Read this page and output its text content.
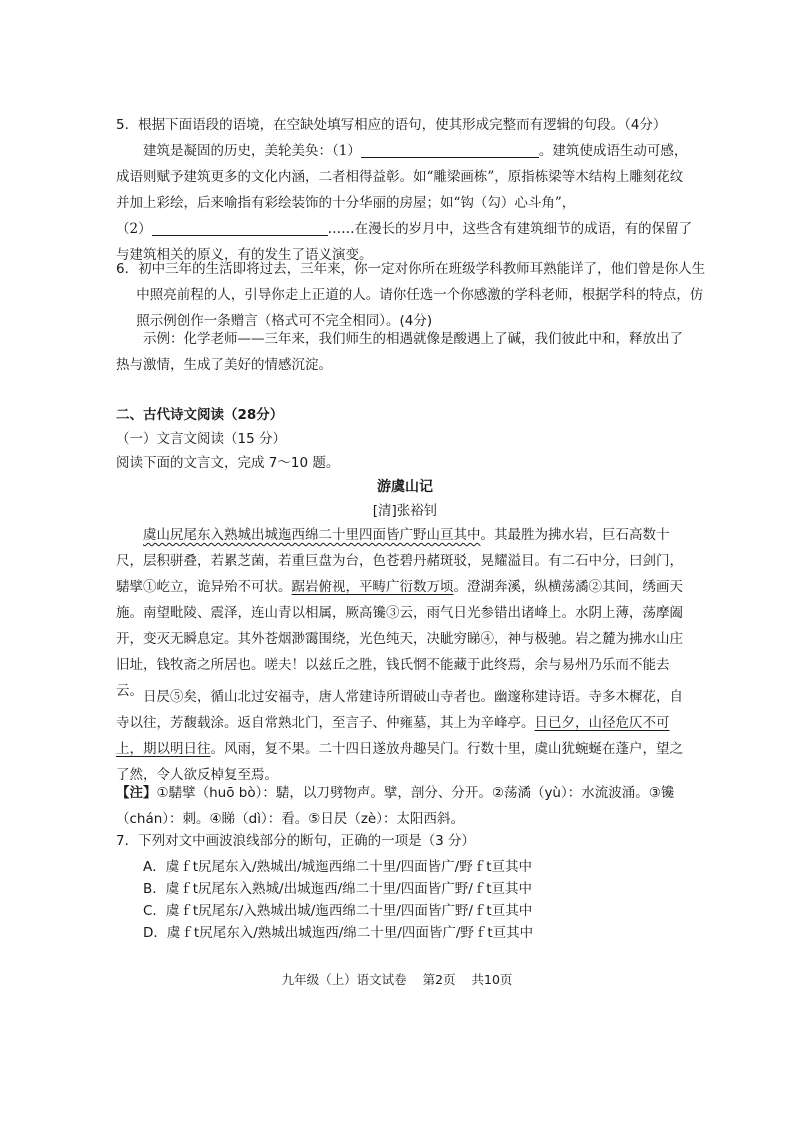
5．根据下面语段的语境，在空缺处填写相应的语句，使其形成完整而有逻辑的句段。（4分）
建筑是凝固的历史，美轮美奂：（1）	。建筑使成语生动可感，成语则赋予建筑更多的文化内涵，二者相得益彰。如“雕梁画栋”，原指栋梁等木结构上雕刻花纹并加上彩绘，后来喻指有彩绘装饰的十分华丽的房屋；如“钩（勾）心斗角”，
（2）	……在漫长的岁月中，这些含有建筑细节的成语，有的保留了与建筑相关的原义，有的发生了语义演变。
6．初中三年的生活即将过去，三年来，你一定对你所在班级学科教师耳熟能详了，他们曾是你人生中照亮前程的人，引导你走上正道的人。请你任选一个你感激的学科老师，根据学科的特点，仿照示例创作一条赠言（格式可不完全相同）。(4分)
示例：化学老师——三年来，我们师生的相遇就像是酸遇上了碱，我们彼此中和，释放出了热与激情，生成了美好的情感沉淀。
二、古代诗文阅读（28分）
（一）文言文阅读（15 分）
阅读下面的文言文，完成 7～10 题。
游虞山记
[清]张裕钊
虞山尻尾东入熟城出城迤西绵二十里四面皆广野山亘其中。其最胜为拂水岩，巨石高数十尺，层积骈叠，若累芝菌，若重巨盘为台，色苍碧丹赭斑驳，晃耀溢目。有二石中分，曰剑门，騞擘①屹立，诡异殆不可状。踞岩俯视，平畴广衍数万顷。澄湖奔溪，纵横荡潏②其间，绣画天施。南望毗陵、震泽，连山青以相属，厥高镵③云，雨气日光参错出诸峰上。水阴上薄，荡摩阖开，变灭无瞬息定。其外苍烟渺霭围绕，光色纯天，决眦穷睇④，神与极驰。岩之麓为拂水山庄旧址，钱牧斋之所居也。嗟夫！以兹丘之胜，钱氏惘不能藏于此终焉，余与易州乃乐而不能去云。 日昃⑤矣，循山北过安福寺，唐人常建诗所谓破山寺者也。幽邃称建诗语。寺多木樨花，自寺以往，芳馥载涂。返自常熟北门，至言子、仲雍墓，其上为辛峰亭。日已夕，山径危仄不可上，期以明日往。风雨，复不果。二十四日遂放舟趣吴门。行数十里，虞山犹蜿蜒在蓬户，望之了然，令人欲反棹复至焉。
【注】①騞擘（huō bò）：騞，以刀劈物声。擘，剖分、分开。②荡潏（yù）：水流波涌。③镵（chán）：刺。④睇（dì）：看。⑤日昃（zè）：太阳西斜。
7．下列对文中画波浪线部分的断句，正确的一项是（3 分）
A．虞ｆt尻尾东入/熟城出/城迤西绵二十里/四面皆广/野ｆt亘其中
B．虞ｆt尻尾东入熟城/出城迤西/绵二十里/四面皆广野/ｆt亘其中
C．虞ｆt尻尾东/入熟城出城/迤西绵二十里/四面皆广野/ｆt亘其中
D．虞ｆt尻尾东入/熟城出城迤西/绵二十里/四面皆广/野ｆt亘其中
九年级（上）语文试卷 第2页 共10页
